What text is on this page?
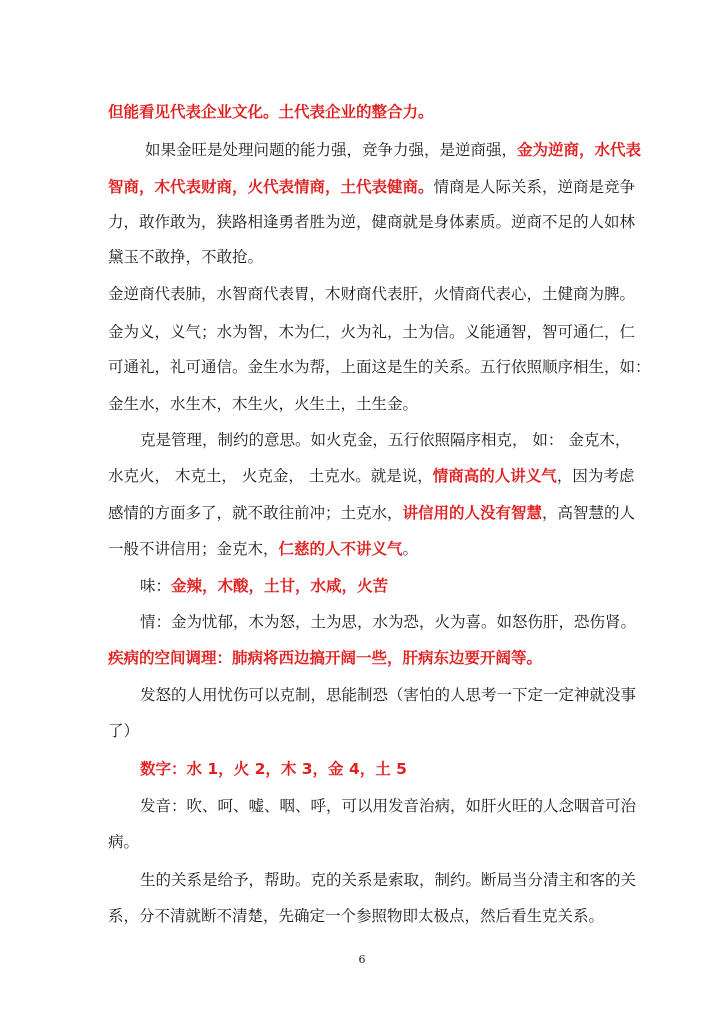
但能看见代表企业文化。土代表企业的整合力。
如果金旺是处理问题的能力强，竞争力强，是逆商强，金为逆商，水代表
智商，木代表财商，火代表情商，土代表健商。情商是人际关系，逆商是竞争
力，敢作敢为，狭路相逢勇者胜为逆，健商就是身体素质。逆商不足的人如林
黛玉不敢挣，不敢抢。
金逆商代表肺，水智商代表胃，木财商代表肝，火情商代表心，土健商为脾。
金为义，义气；水为智，木为仁，火为礼，土为信。义能通智，智可通仁，仁
可通礼，礼可通信。金生水为帮，上面这是生的关系。五行依照顺序相生，如：
金生水，水生木，木生火，火生土，土生金。
克是管理，制约的意思。如火克金，五行依照隔序相克， 如： 金克木，
水克火， 木克土， 火克金， 土克水。就是说，情商高的人讲义气，因为考虑
感情的方面多了，就不敢往前冲；土克水，讲信用的人没有智慧，高智慧的人
一般不讲信用；金克木，仁慈的人不讲义气。
味：金辣，木酸，土甘，水咸，火苦
情：金为忧郁，木为怒，土为思，水为恐，火为喜。如怒伤肝，恐伤肾。
疾病的空间调理：肺病将西边搞开阔一些，肝病东边要开阔等。
发怒的人用忧伤可以克制，思能制恐（害怕的人思考一下定一定神就没事
了）
数字：水 1，火 2，木 3，金 4，土 5
发音：吹、呵、嘘、咽、呼，可以用发音治病，如肝火旺的人念咽音可治
病。
生的关系是给予，帮助。克的关系是索取，制约。断局当分清主和客的关
系，分不清就断不清楚，先确定一个参照物即太极点，然后看生克关系。
6
